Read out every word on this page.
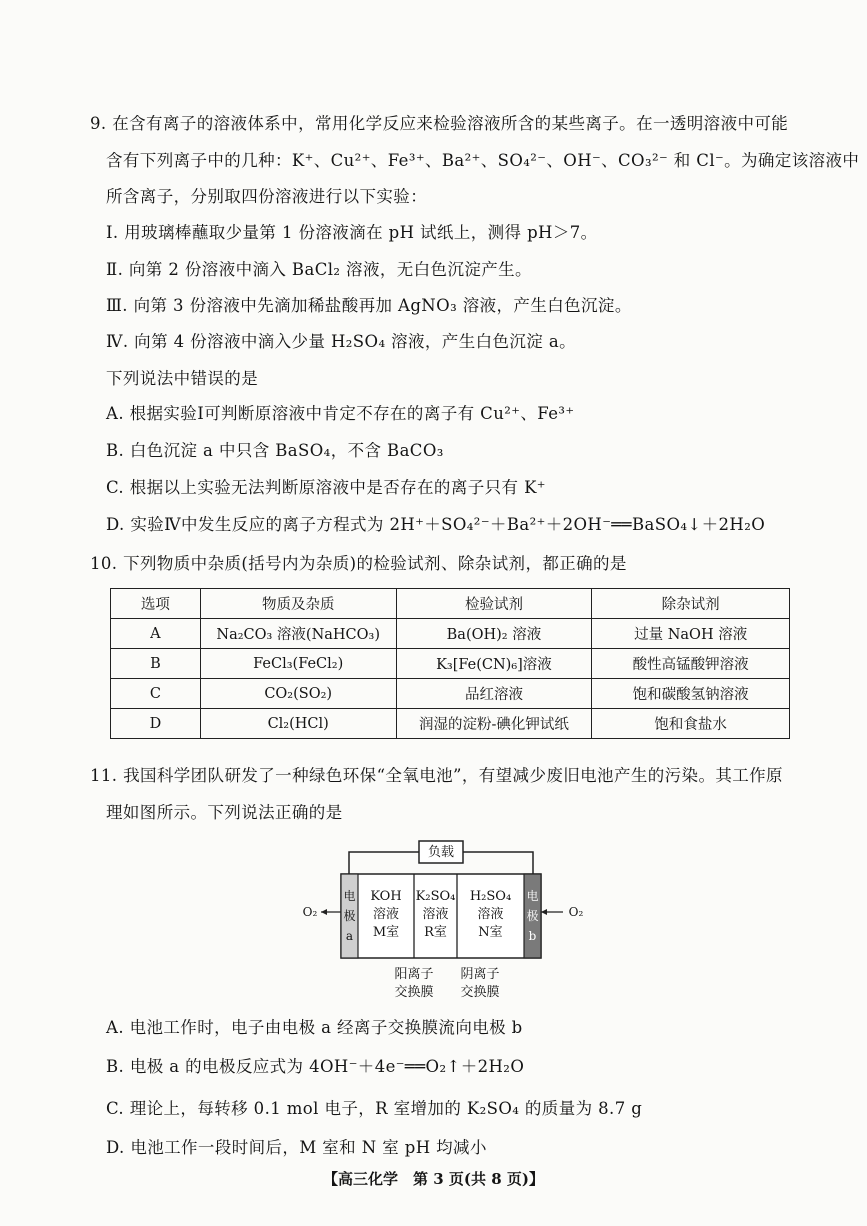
9. 在含有离子的溶液体系中，常用化学反应来检验溶液所含的某些离子。在一透明溶液中可能
含有下列离子中的几种：K⁺、Cu²⁺、Fe³⁺、Ba²⁺、SO₄²⁻、OH⁻、CO₃²⁻ 和 Cl⁻。为确定该溶液中
所含离子，分别取四份溶液进行以下实验：
Ⅰ. 用玻璃棒蘸取少量第 1 份溶液滴在 pH 试纸上，测得 pH＞7。
Ⅱ. 向第 2 份溶液中滴入 BaCl₂ 溶液，无白色沉淀产生。
Ⅲ. 向第 3 份溶液中先滴加稀盐酸再加 AgNO₃ 溶液，产生白色沉淀。
Ⅳ. 向第 4 份溶液中滴入少量 H₂SO₄ 溶液，产生白色沉淀 a。
下列说法中错误的是
A. 根据实验Ⅰ可判断原溶液中肯定不存在的离子有 Cu²⁺、Fe³⁺
B. 白色沉淀 a 中只含 BaSO₄，不含 BaCO₃
C. 根据以上实验无法判断原溶液中是否存在的离子只有 K⁺
D. 实验Ⅳ中发生反应的离子方程式为 2H⁺＋SO₄²⁻＋Ba²⁺＋2OH⁻══BaSO₄↓＋2H₂O
10. 下列物质中杂质(括号内为杂质)的检验试剂、除杂试剂，都正确的是
选项	物质及杂质	检验试剂	除杂试剂
A	Na₂CO₃ 溶液(NaHCO₃)	Ba(OH)₂ 溶液	过量 NaOH 溶液
B	FeCl₃(FeCl₂)	K₃[Fe(CN)₆]溶液	酸性高锰酸钾溶液
C	CO₂(SO₂)	品红溶液	饱和碳酸氢钠溶液
D	Cl₂(HCl)	润湿的淀粉-碘化钾试纸	饱和食盐水
11. 我国科学团队研发了一种绿色环保“全氧电池”，有望减少废旧电池产生的污染。其工作原
理如图所示。下列说法正确的是
负载
O₂	O₂
电
极
a
电
极
b
KOH
溶液
M室
K₂SO₄
溶液
R室
H₂SO₄
溶液
N室
阳离子
交换膜
阴离子
交换膜
A. 电池工作时，电子由电极 a 经离子交换膜流向电极 b
B. 电极 a 的电极反应式为 4OH⁻＋4e⁻══O₂↑＋2H₂O
C. 理论上，每转移 0.1 mol 电子，R 室增加的 K₂SO₄ 的质量为 8.7 g
D. 电池工作一段时间后，M 室和 N 室 pH 均减小
【高三化学　第 3 页(共 8 页)】
